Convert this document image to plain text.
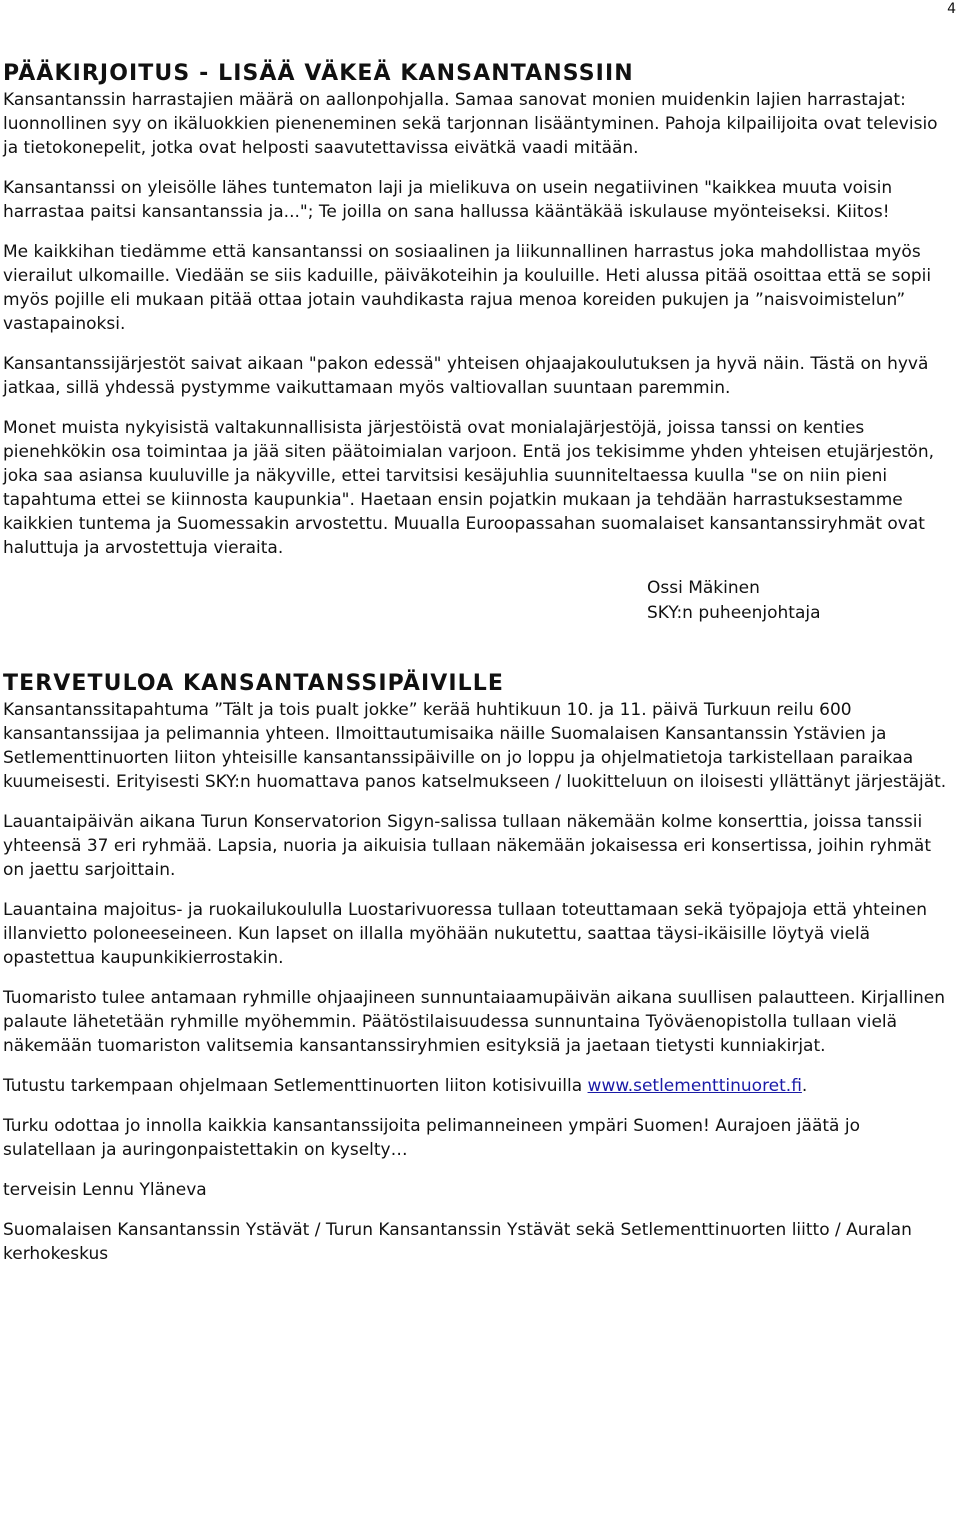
4
PÄÄKIRJOITUS - LISÄÄ VÄKEÄ KANSANTANSSIIN

Kansantanssin harrastajien määrä on aallonpohjalla. Samaa sanovat monien muidenkin lajien harrastajat: luonnollinen syy on ikäluokkien pieneneminen sekä tarjonnan lisääntyminen. Pahoja kilpailijoita ovat televisio ja tietokonepelit, jotka ovat helposti saavutettavissa eivätkä vaadi mitään.

Kansantanssi on yleisölle lähes tuntematon laji ja mielikuva on usein negatiivinen "kaikkea muuta voisin harrastaa paitsi kansantanssia ja..."; Te joilla on sana hallussa kääntäkää iskulause myönteiseksi. Kiitos!

Me kaikkihan tiedämme että kansantanssi on sosiaalinen ja liikunnallinen harrastus joka mahdollistaa myös vierailut ulkomaille. Viedään se siis kaduille, päiväkoteihin ja kouluille. Heti alussa pitää osoittaa että se sopii myös pojille eli mukaan pitää ottaa jotain vauhdikasta rajua menoa koreiden pukujen ja ”naisvoimistelun” vastapainoksi.

Kansantanssijärjestöt saivat aikaan "pakon edessä" yhteisen ohjaajakoulutuksen ja hyvä näin. Tästä on hyvä jatkaa, sillä yhdessä pystymme vaikuttamaan myös valtiovallan suuntaan paremmin.

Monet muista nykyisistä valtakunnallisista järjestöistä ovat monialajärjestöjä, joissa tanssi on kenties pienehkökin osa toimintaa ja jää siten päätoimialan varjoon. Entä jos tekisimme yhden yhteisen etujärjestön, joka saa asiansa kuuluville ja näkyville, ettei tarvitsisi kesäjuhlia suunniteltaessa kuulla "se on niin pieni tapahtuma ettei se kiinnosta kaupunkia". Haetaan ensin pojatkin mukaan ja tehdään harrastuksestamme kaikkien tuntema ja Suomessakin arvostettu. Muualla Euroopassahan suomalaiset kansantanssiryhmät ovat haluttuja ja arvostettuja vieraita.

Ossi Mäkinen
SKY:n puheenjohtaja
TERVETULOA KANSANTANSSIPÄIVILLE

Kansantanssitapahtuma ”Tält ja tois pualt jokke” kerää huhtikuun 10. ja 11. päivä Turkuun reilu 600 kansantanssijaa ja pelimannia yhteen. Ilmoittautumisaika näille Suomalaisen Kansantanssin Ystävien ja Setlementtinuorten liiton yhteisille kansantanssipäiville on jo loppu ja ohjelmatietoja tarkistellaan paraikaa kuumeisesti. Erityisesti SKY:n huomattava panos katselmukseen / luokitteluun on iloisesti yllättänyt järjestäjät.

Lauantaipäivän aikana Turun Konservatorion Sigyn-salissa tullaan näkemään kolme konserttia, joissa tanssii yhteensä 37 eri ryhmää. Lapsia, nuoria ja aikuisia tullaan näkemään jokaisessa eri konsertissa, joihin ryhmät on jaettu sarjoittain.

Lauantaina majoitus- ja ruokailukoululla Luostarivuoressa tullaan toteuttamaan sekä työpajoja että yhteinen illanvietto poloneeseineen. Kun lapset on illalla myöhään nukutettu, saattaa täysi-ikäisille löytyä vielä opastettua kaupunkikierrostakin.

Tuomaristo tulee antamaan ryhmille ohjaajineen sunnuntaiaamupäivän aikana suullisen palautteen. Kirjallinen palaute lähetetään ryhmille myöhemmin. Päätöstilaisuudessa sunnuntaina Työväenopistolla tullaan vielä näkemään tuomariston valitsemia kansantanssiryhmien esityksiä ja jaetaan tietysti kunniakirjat.

Tutustu tarkempaan ohjelmaan Setlementtinuorten liiton kotisivuilla www.setlementtinuoret.fi.

Turku odottaa jo innolla kaikkia kansantanssijoita pelimanneineen ympäri Suomen! Aurajoen jäätä jo sulatellaan ja auringonpaistettakin on kyselty…

terveisin Lennu Yläneva

Suomalaisen Kansantanssin Ystävät / Turun Kansantanssin Ystävät sekä Setlementtinuorten liitto / Auralan kerhokeskus
